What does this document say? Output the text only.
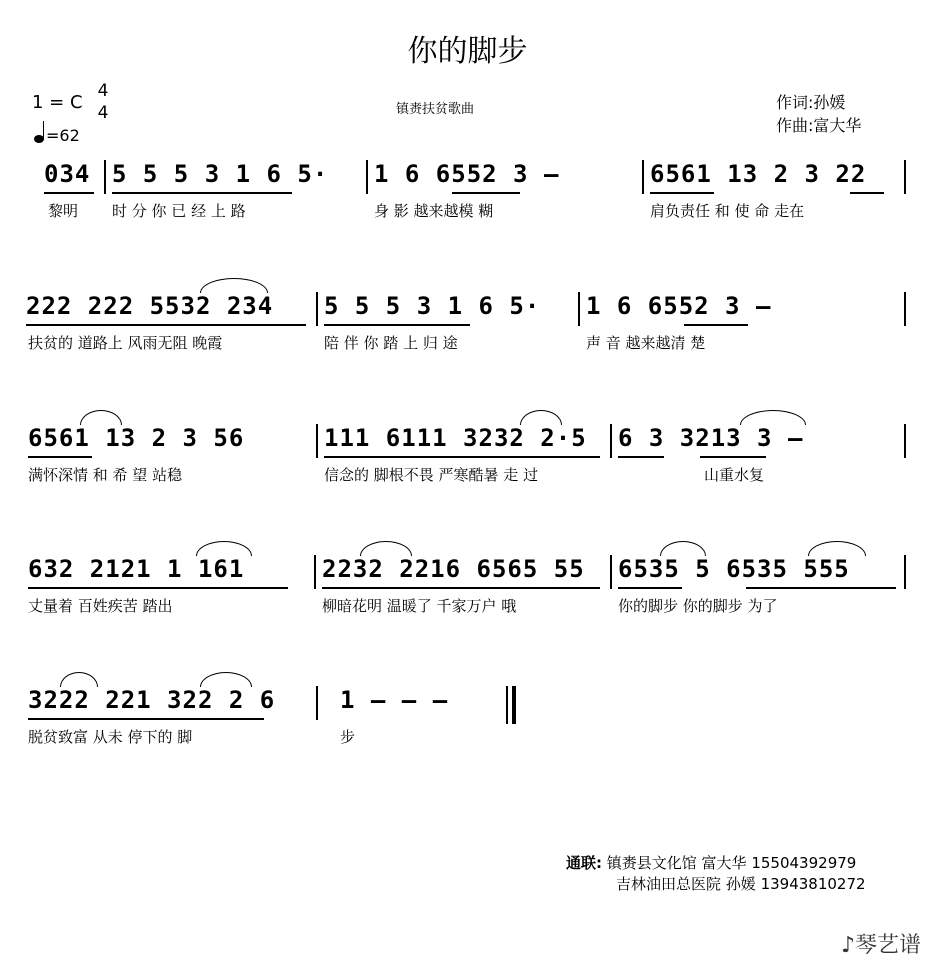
你的脚步
1 = C
4
4
=62
镇赉扶贫歌曲	作词:孙媛
作曲:富大华
034 5 5 5 3 1 6 5· 1 6 6552 3 –	6561 13 2 3 22
黎明 时 分 你 已 经 上 路	身 影 越来越模 糊	肩负责任 和 使 命 走在
222 222 5532 234 5 5 5 3 1 6 5· 1 6 6552 3 –
扶贫的 道路上 风雨无阻 晚霞	陪 伴 你 踏 上 归 途	声 音 越来越清 楚
6561 13 2 3 56	111 6111 3232 2·5 6 3 3213 3 –
满怀深情 和 希 望 站稳	信念的 脚根不畏 严寒酷暑 走 过	山重水复
632 2121 1 161	2232 2216 6565 55 6535 5 6535 555
丈量着 百姓疾苦 踏出	柳暗花明 温暖了 千家万户 哦	你的脚步 你的脚步 为了
3222 221 322 2 6	1 – – –
脱贫致富 从未 停下的 脚	步
通联: 镇赉县文化馆 富大华 15504392979
吉林油田总医院 孙媛 13943810272
♪琴艺谱
